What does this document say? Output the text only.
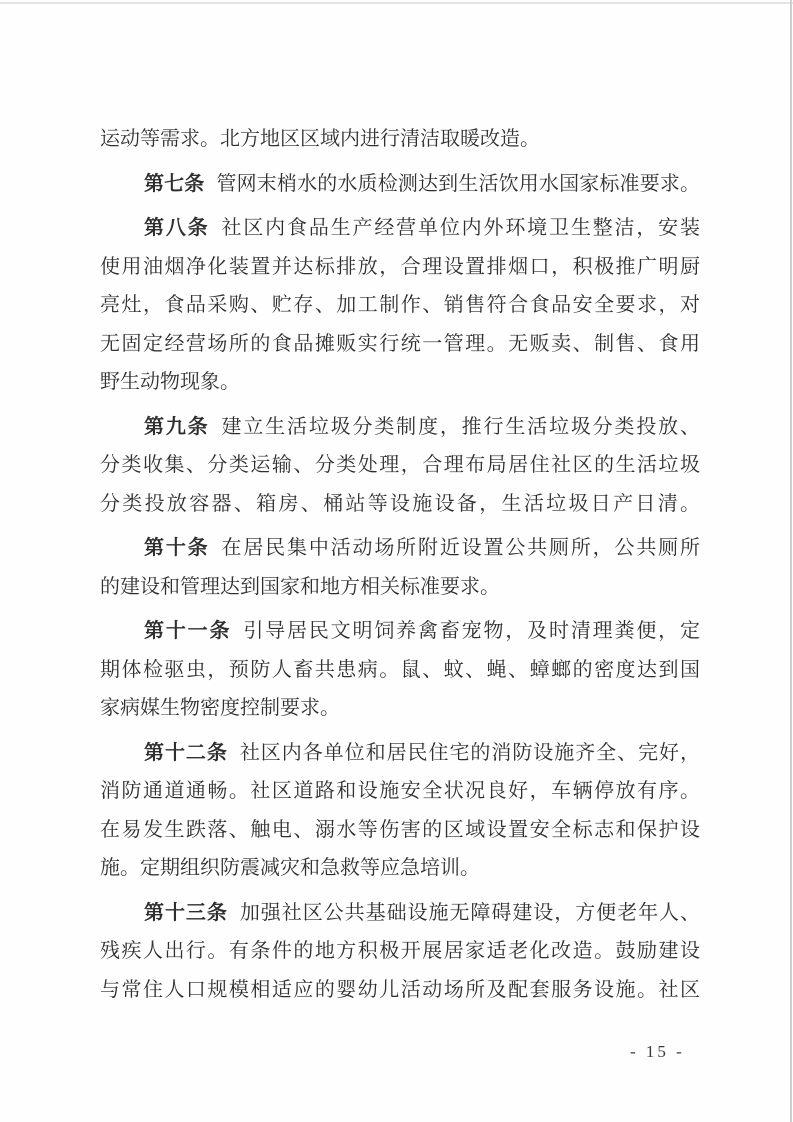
运动等需求。北方地区区域内进行清洁取暖改造。
第七条 管网末梢水的水质检测达到生活饮用水国家标准要求。
第八条 社区内食品生产经营单位内外环境卫生整洁，安装
使用油烟净化装置并达标排放，合理设置排烟口，积极推广明厨
亮灶，食品采购、贮存、加工制作、销售符合食品安全要求，对
无固定经营场所的食品摊贩实行统一管理。无贩卖、制售、食用
野生动物现象。
第九条 建立生活垃圾分类制度，推行生活垃圾分类投放、
分类收集、分类运输、分类处理，合理布局居住社区的生活垃圾
分类投放容器、箱房、桶站等设施设备，生活垃圾日产日清。
第十条 在居民集中活动场所附近设置公共厕所，公共厕所
的建设和管理达到国家和地方相关标准要求。
第十一条 引导居民文明饲养禽畜宠物，及时清理粪便，定
期体检驱虫，预防人畜共患病。鼠、蚊、蝇、蟑螂的密度达到国
家病媒生物密度控制要求。
第十二条 社区内各单位和居民住宅的消防设施齐全、完好，
消防通道通畅。社区道路和设施安全状况良好，车辆停放有序。
在易发生跌落、触电、溺水等伤害的区域设置安全标志和保护设
施。定期组织防震减灾和急救等应急培训。
第十三条 加强社区公共基础设施无障碍建设，方便老年人、
残疾人出行。有条件的地方积极开展居家适老化改造。鼓励建设
与常住人口规模相适应的婴幼儿活动场所及配套服务设施。社区
- 15 -
